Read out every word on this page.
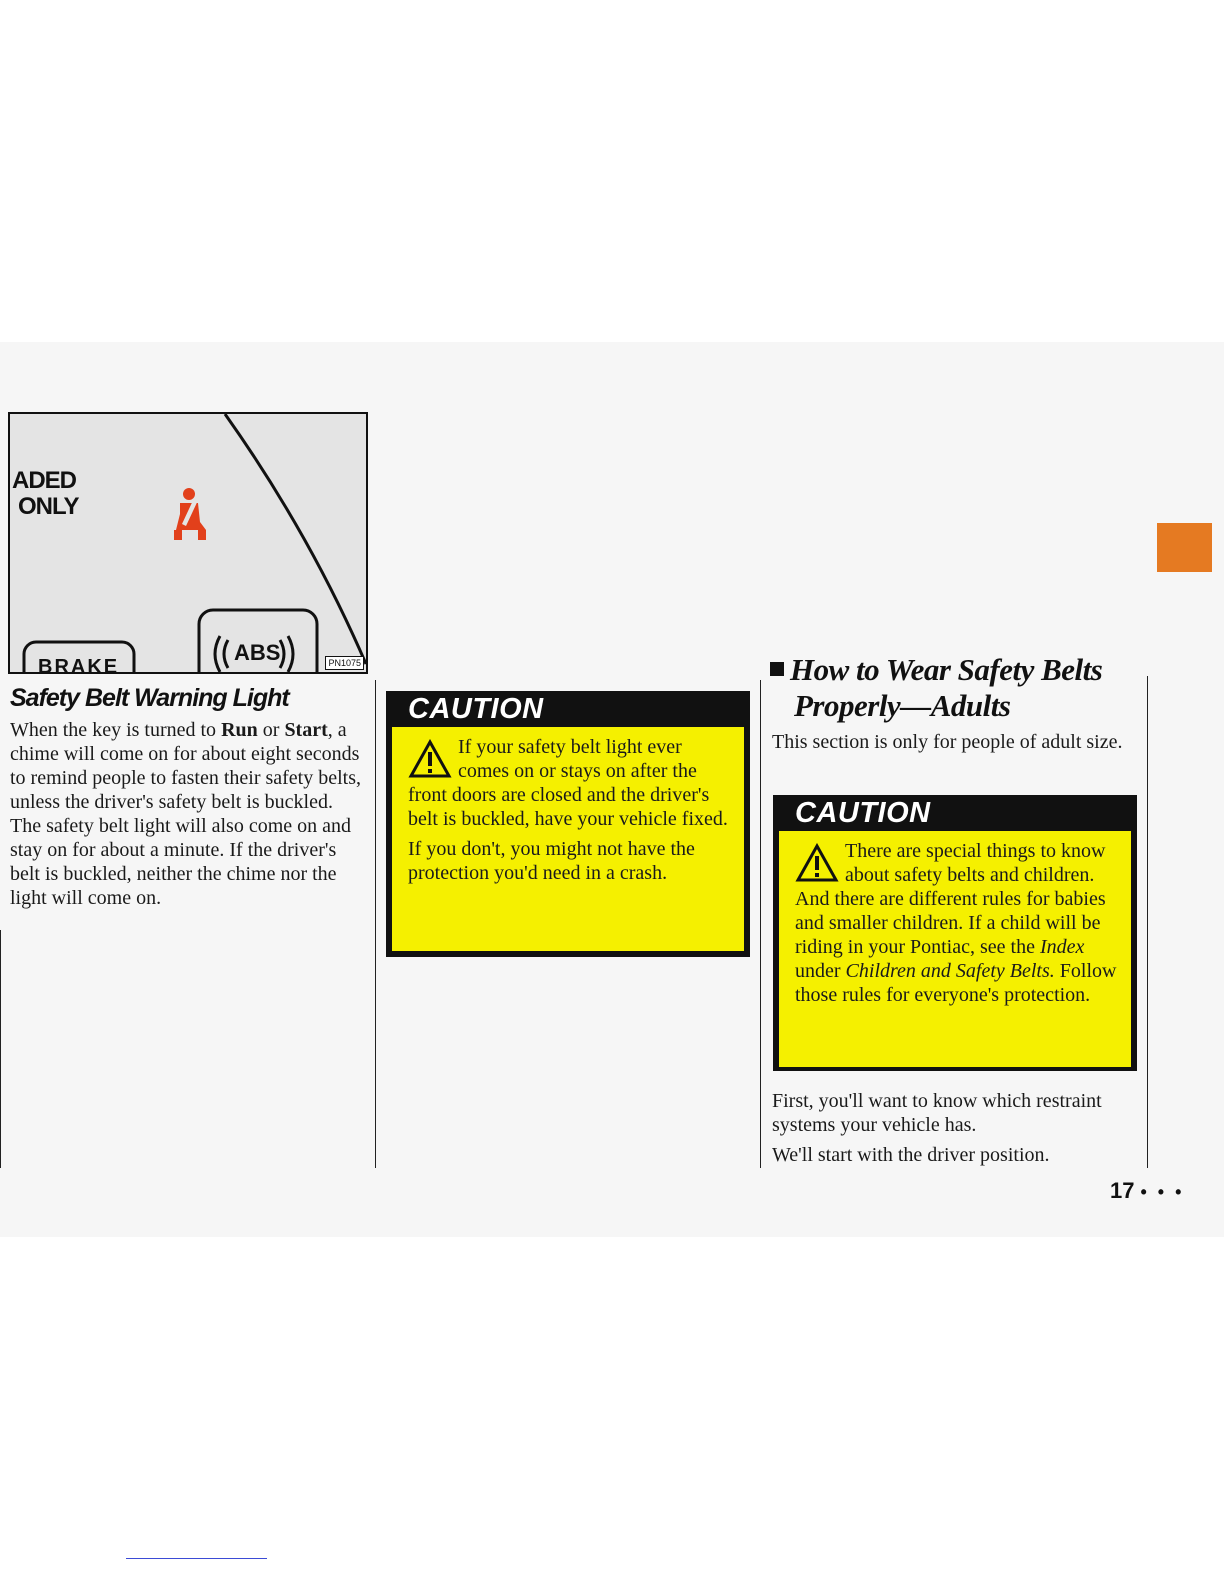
ADED
ONLY
ABS
BRAKE	PN1075
Safety Belt Warning Light

When the key is turned to Run or Start, a chime will come on for about eight seconds to remind people to fasten their safety belts, unless the driver's safety belt is buckled. The safety belt light will also come on and stay on for about a minute. If the driver's belt is buckled, neither the chime nor the light will come on.

CAUTION

If your safety belt light ever comes on or stays on after the front doors are closed and the driver's belt is buckled, have your vehicle fixed.

If you don't, you might not have the protection you'd need in a crash.

How to Wear Safety Belts
Properly—Adults

This section is only for people of adult size.

CAUTION

There are special things to know about safety belts and children. And there are different rules for babies and smaller children. If a child will be riding in your Pontiac, see the Index under Children and Safety Belts. Follow those rules for everyone's protection.

First, you'll want to know which restraint systems your vehicle has.

We'll start with the driver position.

17 • • •
